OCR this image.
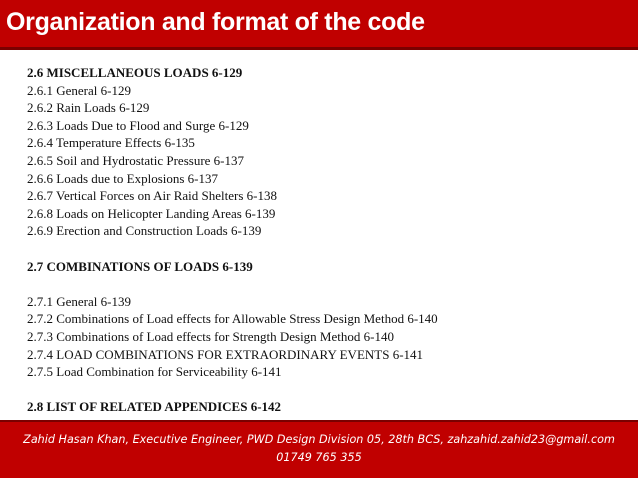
Organization and format of the code
2.6 MISCELLANEOUS LOADS 6-129
2.6.1 General 6-129
2.6.2 Rain Loads 6-129
2.6.3 Loads Due to Flood and Surge 6-129
2.6.4 Temperature Effects 6-135
2.6.5 Soil and Hydrostatic Pressure 6-137
2.6.6 Loads due to Explosions 6-137
2.6.7 Vertical Forces on Air Raid Shelters 6-138
2.6.8 Loads on Helicopter Landing Areas 6-139
2.6.9 Erection and Construction Loads 6-139
2.7 COMBINATIONS OF LOADS 6-139
2.7.1 General 6-139
2.7.2 Combinations of Load effects for Allowable Stress Design Method 6-140
2.7.3 Combinations of Load effects for Strength Design Method 6-140
2.7.4 LOAD COMBINATIONS FOR EXTRAORDINARY EVENTS 6-141
2.7.5 Load Combination for Serviceability 6-141
2.8 LIST OF RELATED APPENDICES 6-142
Zahid Hasan Khan, Executive Engineer, PWD Design Division 05, 28th BCS, zahzahid.zahid23@gmail.com
01749 765 355
